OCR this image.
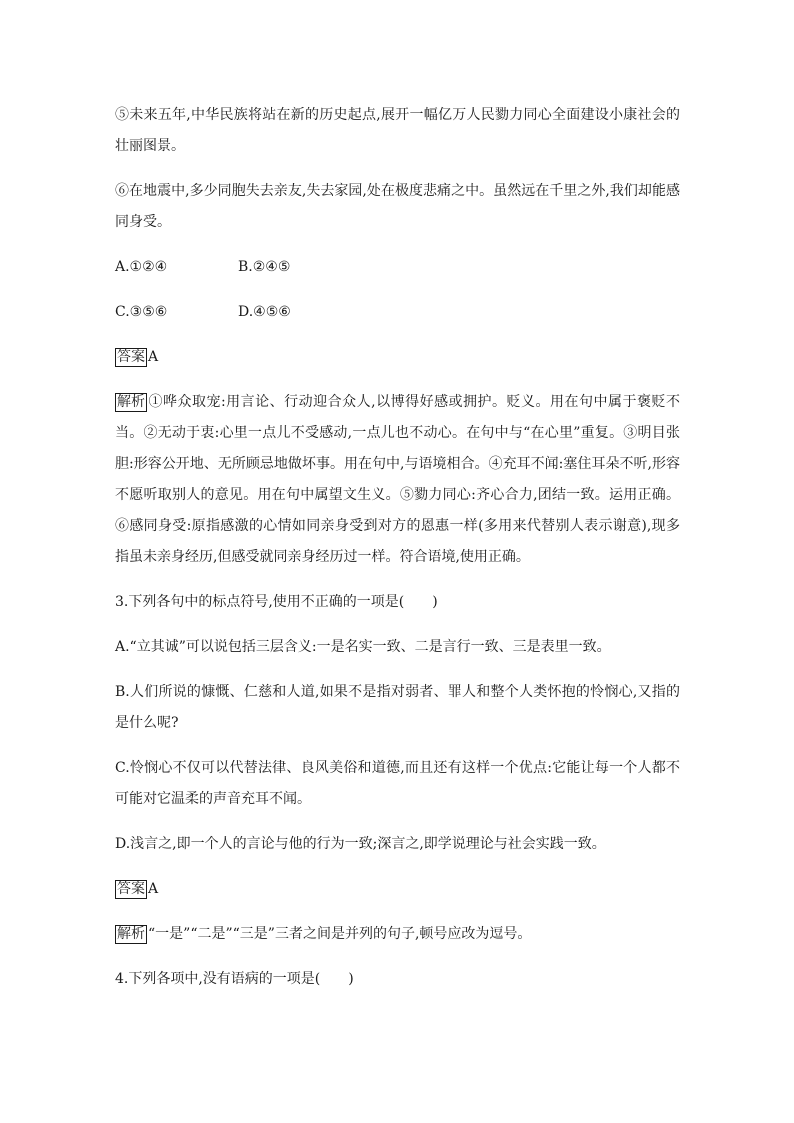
⑤未来五年,中华民族将站在新的历史起点,展开一幅亿万人民勠力同心全面建设小康社会的壮丽图景。

⑥在地震中,多少同胞失去亲友,失去家园,处在极度悲痛之中。虽然远在千里之外,我们却能感同身受。

A.①②④	B.②④⑤
C.③⑤⑥	D.④⑤⑥

答案 A

解析 ①哗众取宠:用言论、行动迎合众人,以博得好感或拥护。贬义。用在句中属于褒贬不当。②无动于衷:心里一点儿不受感动,一点儿也不动心。在句中与“在心里”重复。③明目张胆:形容公开地、无所顾忌地做坏事。用在句中,与语境相合。④充耳不闻:塞住耳朵不听,形容不愿听取别人的意见。用在句中属望文生义。⑤勠力同心:齐心合力,团结一致。运用正确。⑥感同身受:原指感激的心情如同亲身受到对方的恩惠一样(多用来代替别人表示谢意),现多指虽未亲身经历,但感受就同亲身经历过一样。符合语境,使用正确。

3.下列各句中的标点符号,使用不正确的一项是(　　)

A.“立其诚”可以说包括三层含义:一是名实一致、二是言行一致、三是表里一致。

B.人们所说的慷慨、仁慈和人道,如果不是指对弱者、罪人和整个人类怀抱的怜悯心,又指的是什么呢?

C.怜悯心不仅可以代替法律、良风美俗和道德,而且还有这样一个优点:它能让每一个人都不可能对它温柔的声音充耳不闻。

D.浅言之,即一个人的言论与他的行为一致;深言之,即学说理论与社会实践一致。

答案 A

解析 “一是”“二是”“三是”三者之间是并列的句子,顿号应改为逗号。

4.下列各项中,没有语病的一项是(　　)
